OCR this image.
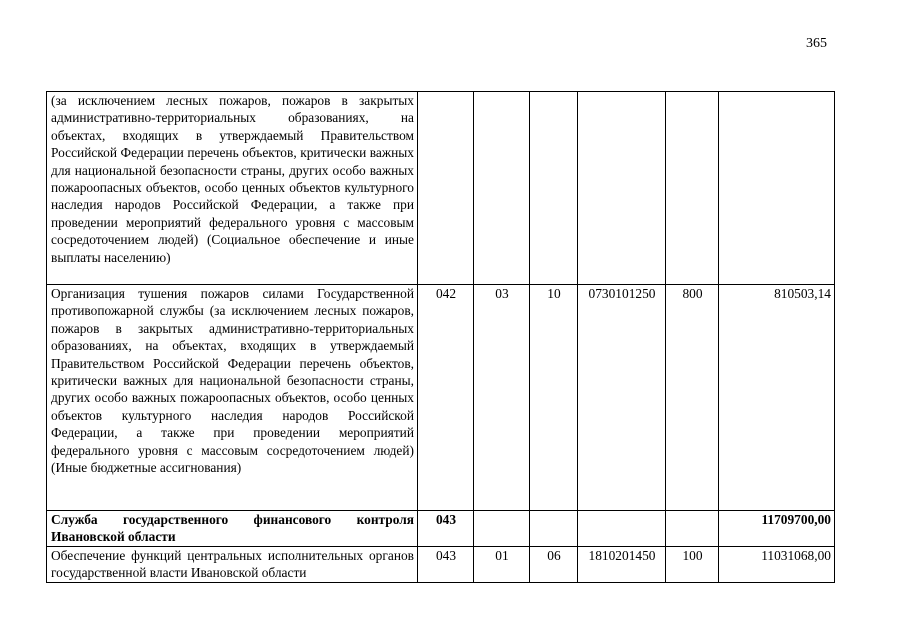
365
(за исключением лесных пожаров, пожаров в закрытых административно-территориальных образованиях, на объектах, входящих в утверждаемый Правительством Российской Федерации перечень объектов, критически важных для национальной безопасности страны, других особо важных пожароопасных объектов, особо ценных объектов культурного наследия народов Российской Федерации, а также при проведении мероприятий федерального уровня с массовым сосредоточением людей) (Социальное обеспечение и иные выплаты населению)						
Организация тушения пожаров силами Государственной противопожарной службы (за исключением лесных пожаров, пожаров в закрытых административно-территориальных образованиях, на объектах, входящих в утверждаемый Правительством Российской Федерации перечень объектов, критически важных для национальной безопасности страны, других особо важных пожароопасных объектов, особо ценных объектов культурного наследия народов Российской Федерации, а также при проведении мероприятий федерального уровня с массовым сосредоточением людей) (Иные бюджетные ассигнования)	042	03	10	0730101250	800	810503,14
Служба государственного финансового контроля Ивановской области	043					11709700,00
Обеспечение функций центральных исполнительных органов государственной власти Ивановской области	043	01	06	1810201450	100	11031068,00
